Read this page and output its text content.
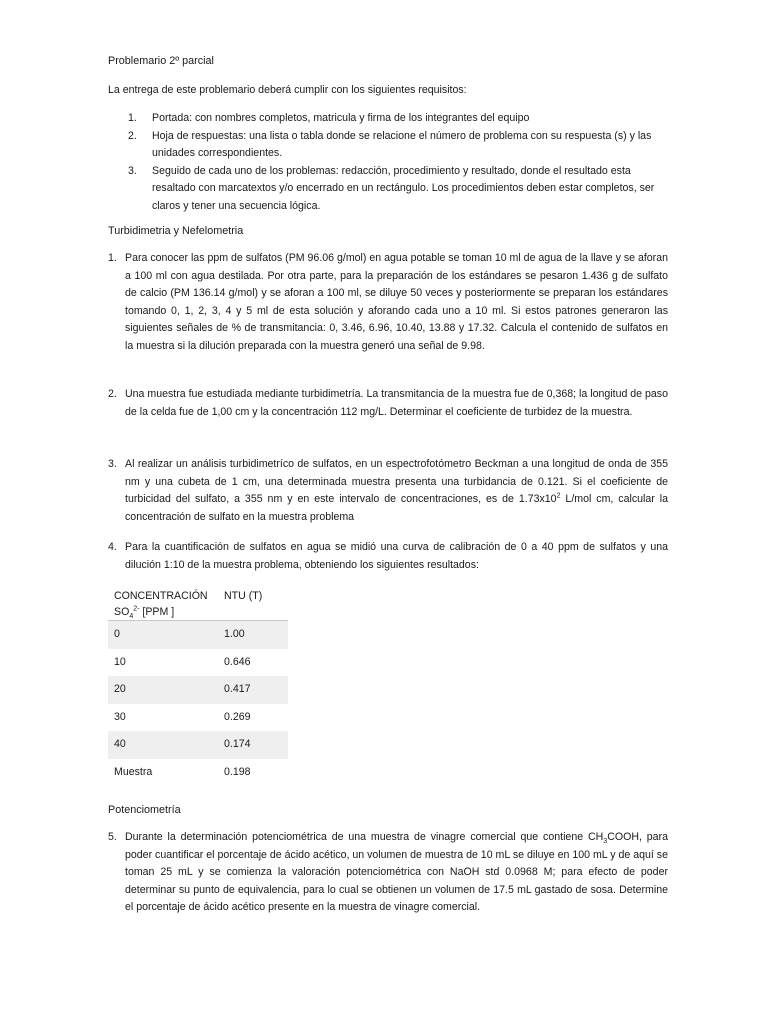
Problemario 2º parcial

La entrega de este problemario deberá cumplir con los siguientes requisitos:

1. Portada: con nombres completos, matricula y firma de los integrantes del equipo
2. Hoja de respuestas: una lista o tabla donde se relacione el número de problema con su respuesta (s) y las unidades correspondientes.
3. Seguido de cada uno de los problemas: redacción, procedimiento y resultado, donde el resultado esta resaltado con marcatextos y/o encerrado en un rectángulo. Los procedimientos deben estar completos, ser claros y tener una secuencia lógica.

Turbidimetria y Nefelometria

1. Para conocer las ppm de sulfatos (PM 96.06 g/mol) en agua potable se toman 10 ml de agua de la llave y se aforan a 100 ml con agua destilada. Por otra parte, para la preparación de los estándares se pesaron 1.436 g de sulfato de calcio (PM 136.14 g/mol) y se aforan a 100 ml, se diluye 50 veces y posteriormente se preparan los estándares tomando 0, 1, 2, 3, 4 y 5 ml de esta solución y aforando cada uno a 10 ml. Si estos patrones generaron las siguientes señales de % de transmitancia: 0, 3.46, 6.96, 10.40, 13.88 y 17.32. Calcula el contenido de sulfatos en la muestra si la dilución preparada con la muestra generó una señal de 9.98.

2. Una muestra fue estudiada mediante turbidimetría. La transmitancia de la muestra fue de 0,368; la longitud de paso de la celda fue de 1,00 cm y la concentración 112 mg/L. Determinar el coeficiente de turbidez de la muestra.

3. Al realizar un análisis turbidimetríco de sulfatos, en un espectrofotómetro Beckman a una longitud de onda de 355 nm y una cubeta de 1 cm, una determinada muestra presenta una turbidancia de 0.121. Si el coeficiente de turbicidad del sulfato, a 355 nm y en este intervalo de concentraciones, es de $1.73x10^2$ L/mol cm, calcular la concentración de sulfato en la muestra problema

4. Para la cuantificación de sulfatos en agua se midió una curva de calibración de 0 a 40 ppm de sulfatos y una dilución 1:10 de la muestra problema, obteniendo los siguientes resultados:

CONCENTRACIÓN
$SO_4^{2-}$ [PPM ]	NTU (T)
0	1.00
10	0.646
20	0.417
30	0.269
40	0.174
Muestra	0.198

Potenciometría

5. Durante la determinación potenciométrica de una muestra de vinagre comercial que contiene $CH_3COOH$, para poder cuantificar el porcentaje de ácido acético, un volumen de muestra de 10 mL se diluye en 100 mL y de aquí se toman 25 mL y se comienza la valoración potenciométrica con NaOH std 0.0968 M; para efecto de poder determinar su punto de equivalencia, para lo cual se obtienen un volumen de 17.5 mL gastado de sosa. Determine el porcentaje de ácido acético presente en la muestra de vinagre comercial.
